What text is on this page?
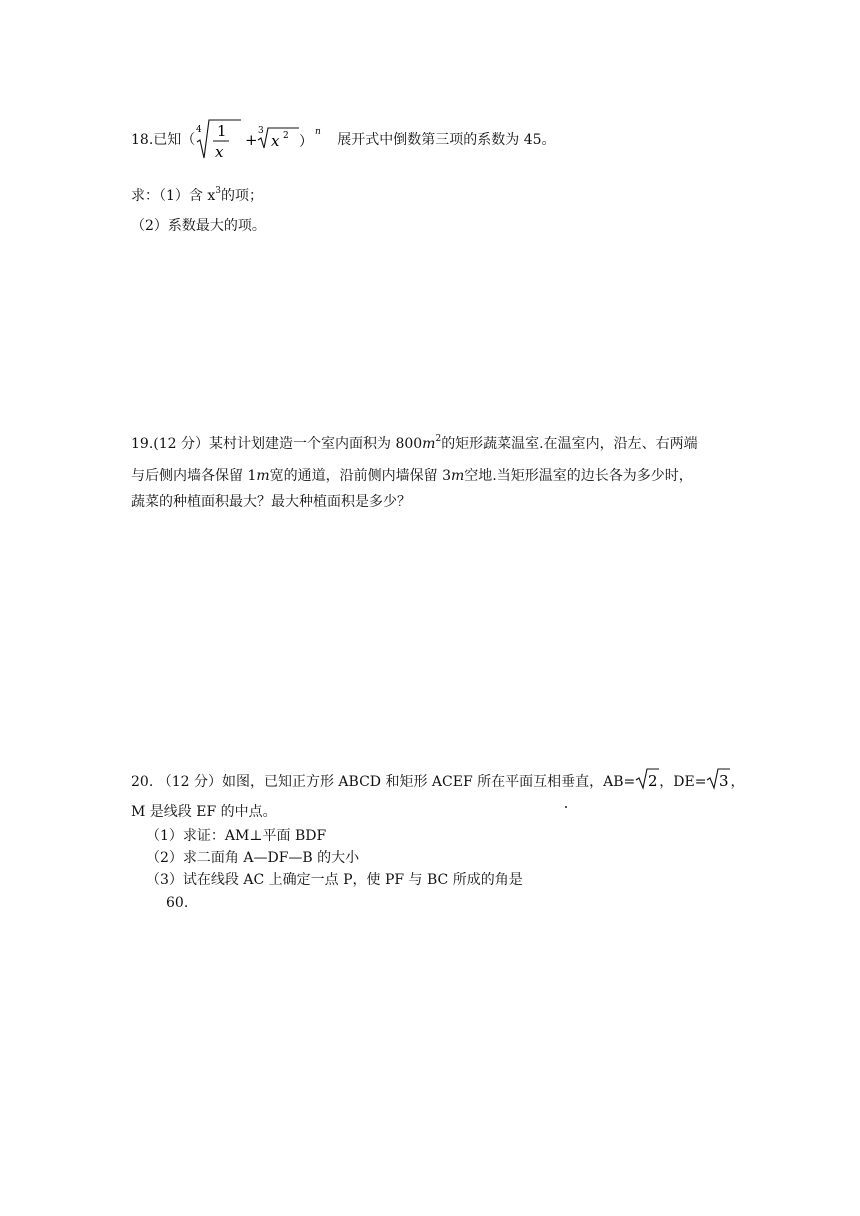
18.已知（
4 1
x
+ 3
x 2 ）
n 展开式中倒数第三项的系数为 45。
求：（1）含 $x^3$的项；
（2）系数最大的项。
19.(12 分）某村计划建造一个室内面积为 $800m^2$的矩形蔬菜温室.在温室内，沿左、右两端
与后侧内墙各保留 1m宽的通道，沿前侧内墙保留 3m空地.当矩形温室的边长各为多少时，
蔬菜的种植面积最大？最大种植面积是多少？
20. （12 分）如图，已知正方形 ABCD 和矩形 ACEF 所在平面互相垂直，AB= 2 ，DE= 3 ，
M 是线段 EF 的中点。
（1）求证：AM⊥平面 BDF
（2）求二面角 A—DF—B 的大小
（3）试在线段 AC 上确定一点 P，使 PF 与 BC 所成的角是
60.
